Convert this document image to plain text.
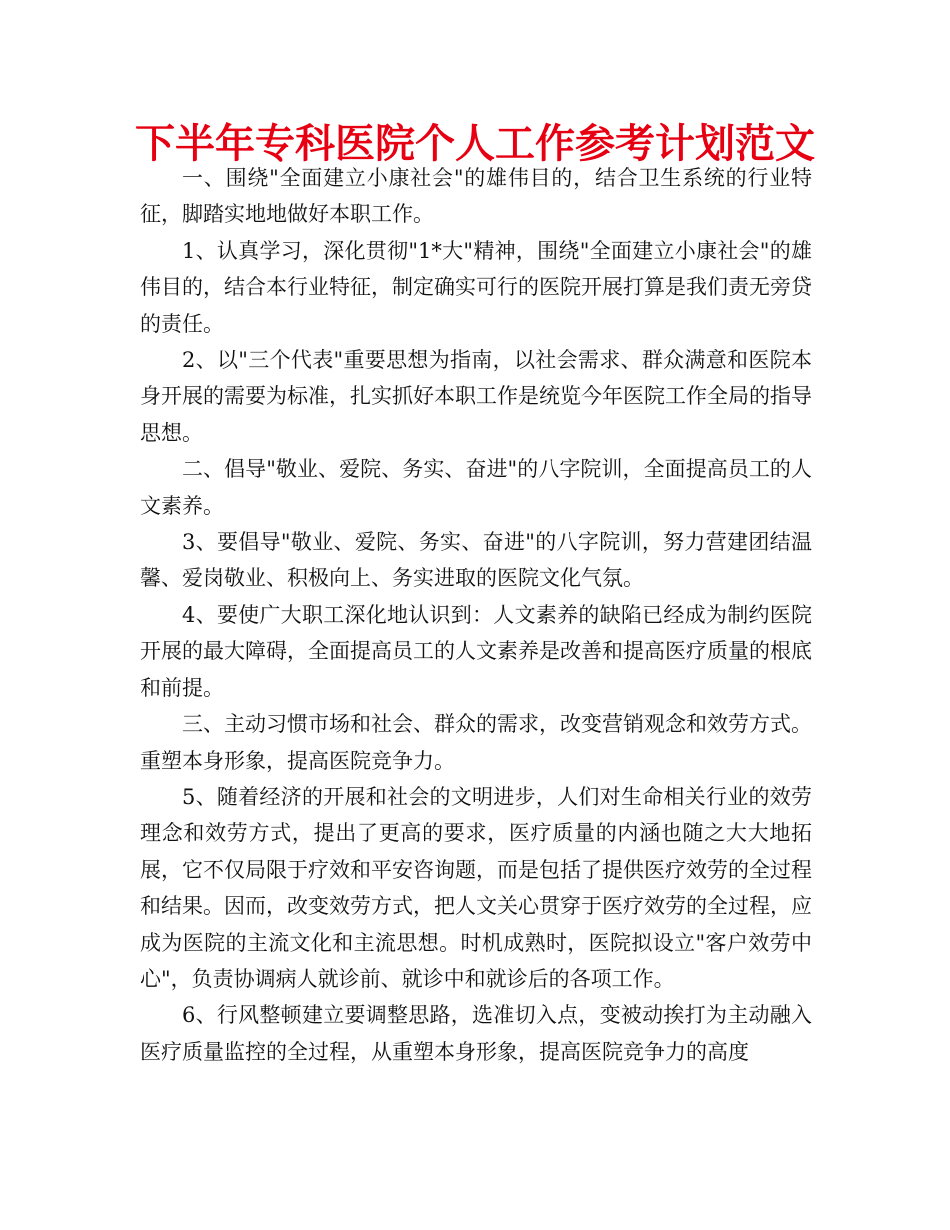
下半年专科医院个人工作参考计划范文

一、围绕"全面建立小康社会"的雄伟目的，结合卫生系统的行业特征，脚踏实地地做好本职工作。

1、认真学习，深化贯彻"1*大"精神，围绕"全面建立小康社会"的雄伟目的，结合本行业特征，制定确实可行的医院开展打算是我们责无旁贷的责任。

2、以"三个代表"重要思想为指南，以社会需求、群众满意和医院本身开展的需要为标准，扎实抓好本职工作是统览今年医院工作全局的指导思想。

二、倡导"敬业、爱院、务实、奋进"的八字院训，全面提高员工的人文素养。

3、要倡导"敬业、爱院、务实、奋进"的八字院训，努力营建团结温馨、爱岗敬业、积极向上、务实进取的医院文化气氛。

4、要使广大职工深化地认识到：人文素养的缺陷已经成为制约医院开展的最大障碍，全面提高员工的人文素养是改善和提高医疗质量的根底和前提。

三、主动习惯市场和社会、群众的需求，改变营销观念和效劳方式。重塑本身形象，提高医院竞争力。

5、随着经济的开展和社会的文明进步，人们对生命相关行业的效劳理念和效劳方式，提出了更高的要求，医疗质量的内涵也随之大大地拓展，它不仅局限于疗效和平安咨询题，而是包括了提供医疗效劳的全过程和结果。因而，改变效劳方式，把人文关心贯穿于医疗效劳的全过程，应成为医院的主流文化和主流思想。时机成熟时，医院拟设立"客户效劳中心"，负责协调病人就诊前、就诊中和就诊后的各项工作。

6、行风整顿建立要调整思路，选准切入点，变被动挨打为主动融入医疗质量监控的全过程，从重塑本身形象，提高医院竞争力的高度
